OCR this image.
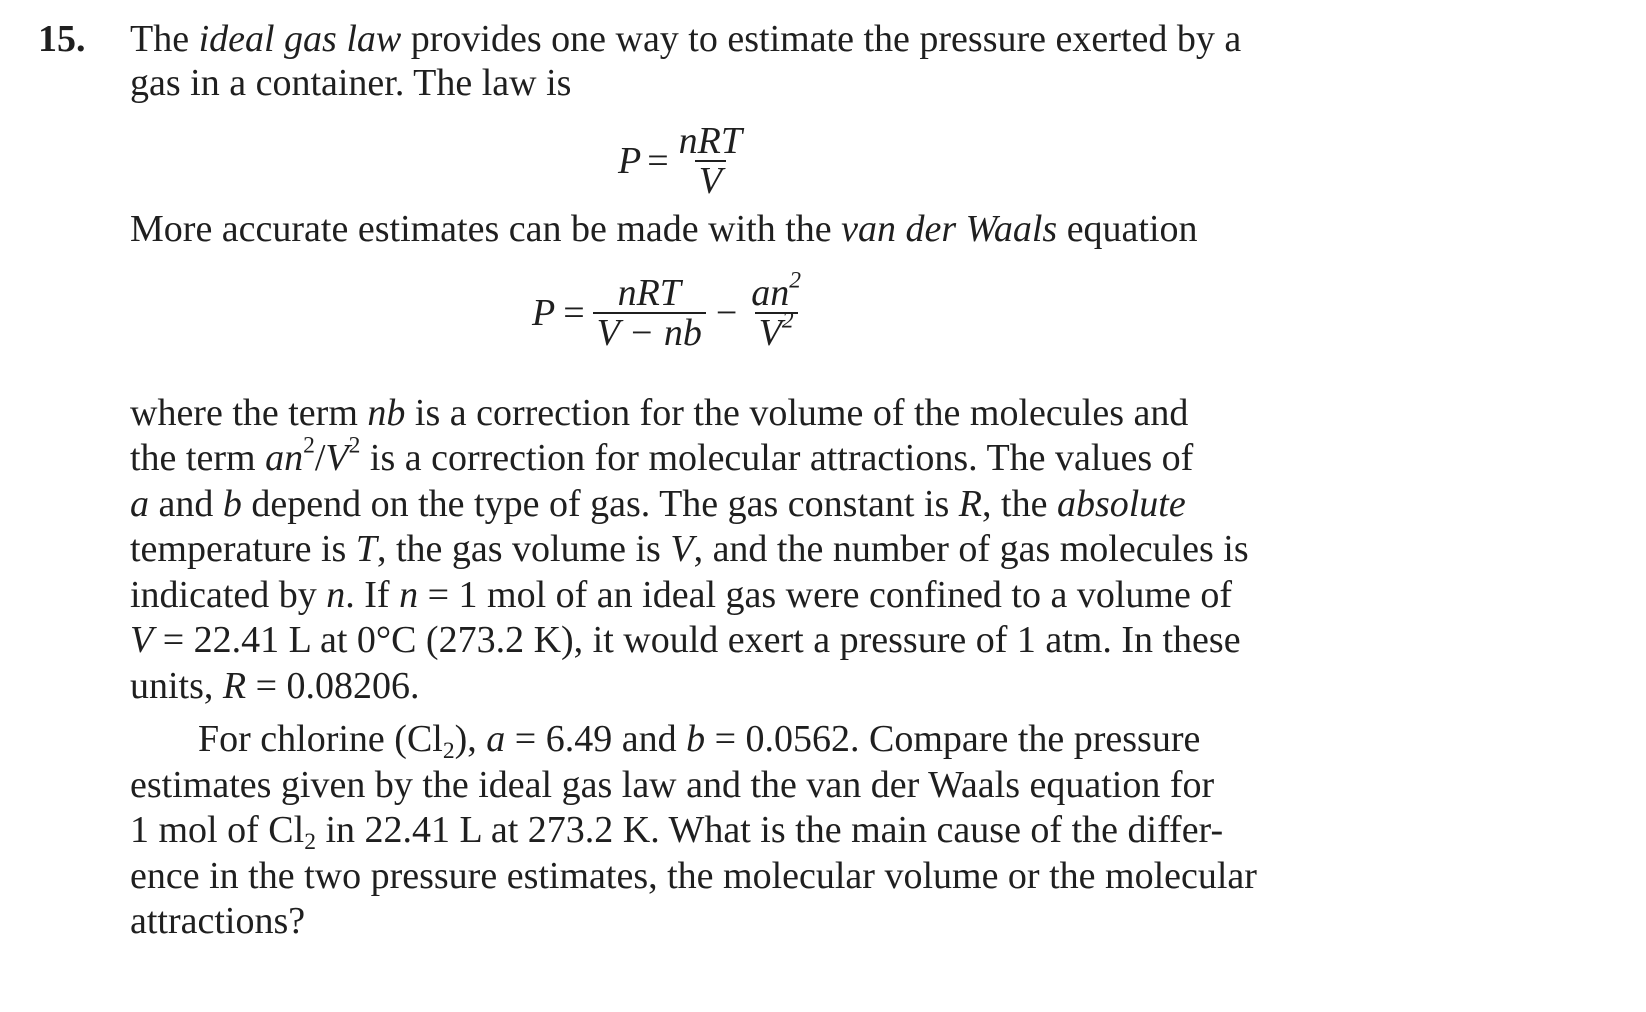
15. The ideal gas law provides one way to estimate the pressure exerted by a
gas in a container. The law is
$P = \frac{\text{nRT}}{V}$
More accurate estimates can be made with the van der Waals equation
$P = \frac{\text{nRT}}{V - nb} - \frac{an^2}{V^2}$
where the term nb is a correction for the volume of the molecules and
the term $an^2/V^2$ is a correction for molecular attractions. The values of
a and b depend on the type of gas. The gas constant is R, the absolute
temperature is T, the gas volume is V, and the number of gas molecules is
indicated by n. If n = 1 mol of an ideal gas were confined to a volume of
V = 22.41 L at 0°C (273.2 K), it would exert a pressure of 1 atm. In these
units, R = 0.08206.
For chlorine $(Cl_2)$, a = 6.49 and b = 0.0562. Compare the pressure
estimates given by the ideal gas law and the van der Waals equation for
1 mol of $Cl_2$ in 22.41 L at 273.2 K. What is the main cause of the differ-
ence in the two pressure estimates, the molecular volume or the molecular
attractions?
